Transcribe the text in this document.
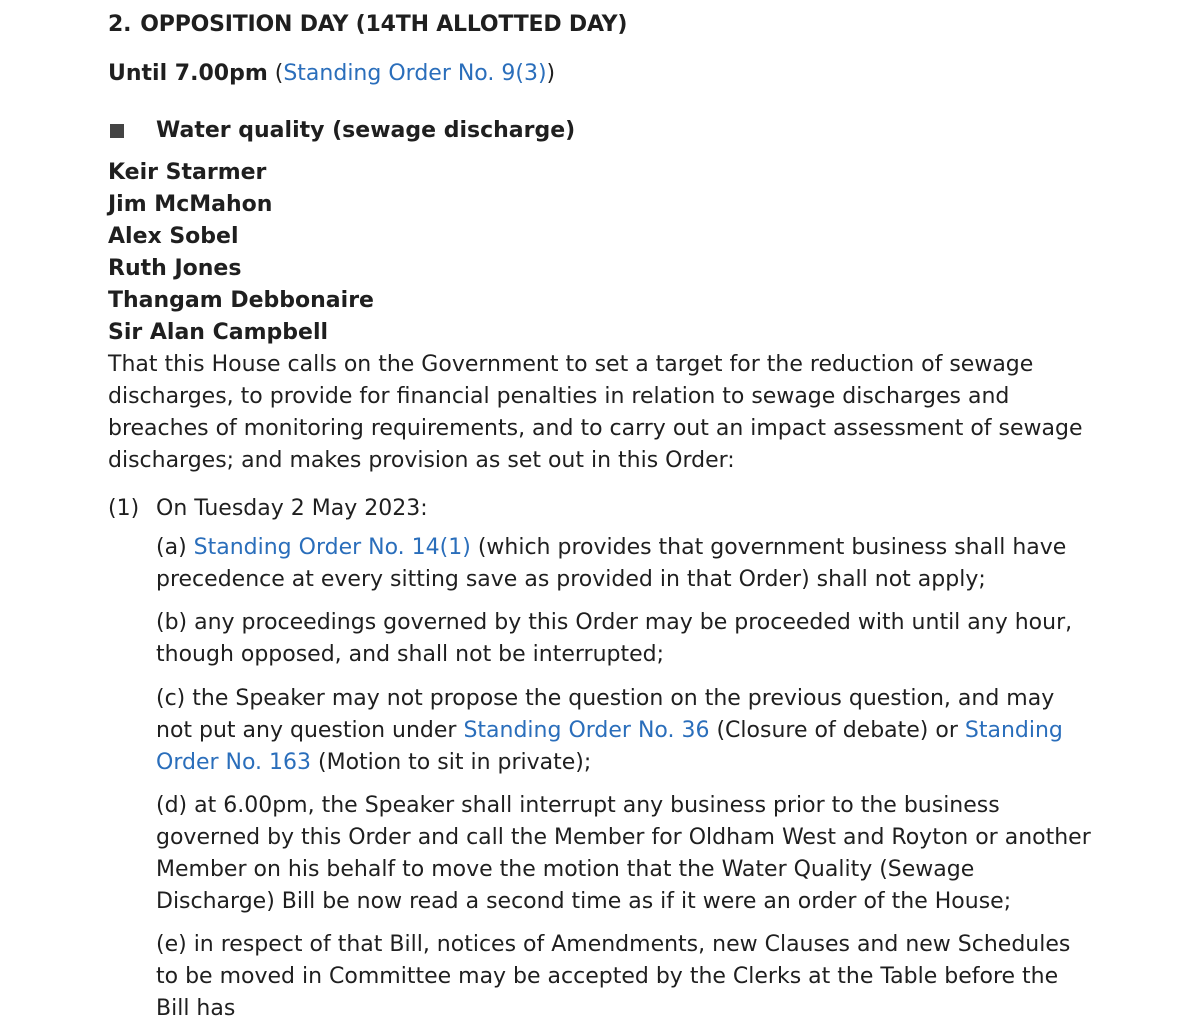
2. OPPOSITION DAY (14TH ALLOTTED DAY)
Until 7.00pm (Standing Order No. 9(3))
Water quality (sewage discharge)
Keir Starmer
Jim McMahon
Alex Sobel
Ruth Jones
Thangam Debbonaire
Sir Alan Campbell
That this House calls on the Government to set a target for the reduction of sewage discharges, to provide for financial penalties in relation to sewage discharges and breaches of monitoring requirements, and to carry out an impact assessment of sewage discharges; and makes provision as set out in this Order:
(1) On Tuesday 2 May 2023:
(a) Standing Order No. 14(1) (which provides that government business shall have precedence at every sitting save as provided in that Order) shall not apply;
(b) any proceedings governed by this Order may be proceeded with until any hour, though opposed, and shall not be interrupted;
(c) the Speaker may not propose the question on the previous question, and may not put any question under Standing Order No. 36 (Closure of debate) or Standing Order No. 163 (Motion to sit in private);
(d) at 6.00pm, the Speaker shall interrupt any business prior to the business governed by this Order and call the Member for Oldham West and Royton or another Member on his behalf to move the motion that the Water Quality (Sewage Discharge) Bill be now read a second time as if it were an order of the House;
(e) in respect of that Bill, notices of Amendments, new Clauses and new Schedules to be moved in Committee may be accepted by the Clerks at the Table before the Bill has
